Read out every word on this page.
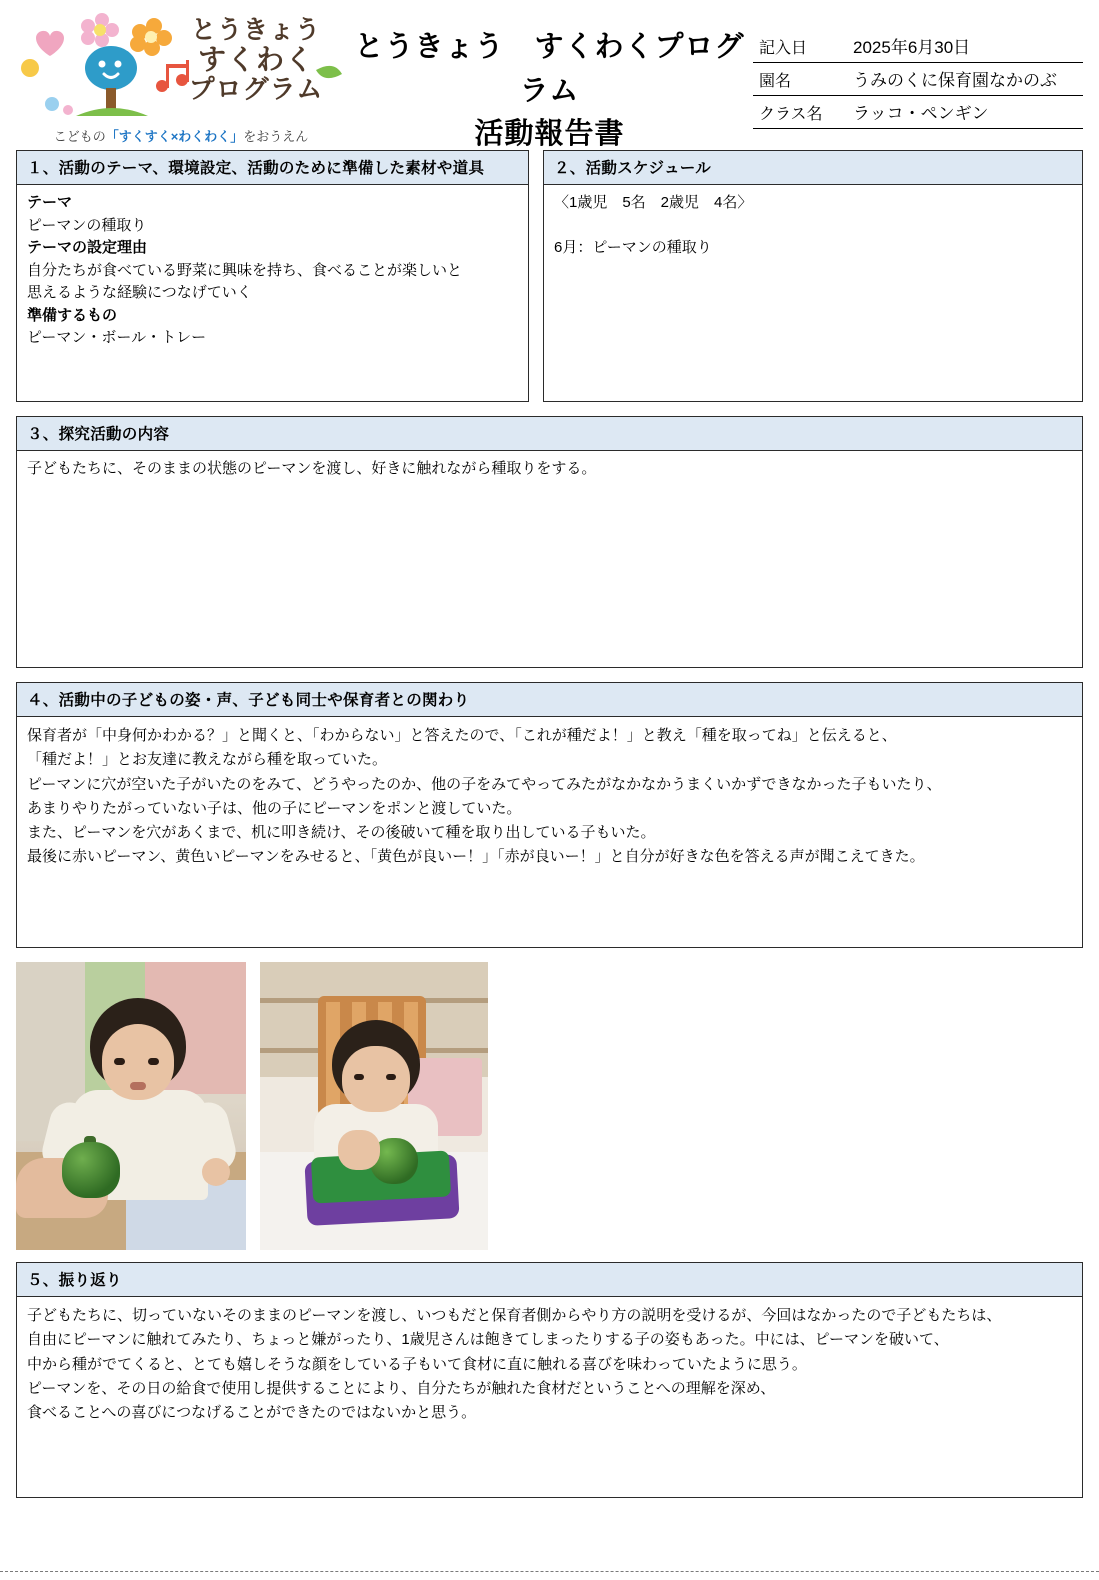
とうきょう
すくわく
プログラム
こどもの「すくすく×わくわく」をおうえん
とうきょう　すくわくプログラム
活動報告書
記入日	2025年6月30日
園名	うみのくに保育園なかのぶ
クラス名	ラッコ・ペンギン
１、活動のテーマ、環境設定、活動のために準備した素材や道具
テーマ
ピーマンの種取り
テーマの設定理由
自分たちが食べている野菜に興味を持ち、食べることが楽しいと
思えるような経験につなげていく
準備するもの
ピーマン・ボール・トレー
２、活動スケジュール
〈1歳児　5名　2歳児　4名〉

6月：ピーマンの種取り
３、探究活動の内容
子どもたちに、そのままの状態のピーマンを渡し、好きに触れながら種取りをする。
４、活動中の子どもの姿・声、子ども同士や保育者との関わり

保育者が「中身何かわかる？」と聞くと、「わからない」と答えたので、「これが種だよ！」と教え「種を取ってね」と伝えると、

「種だよ！」とお友達に教えながら種を取っていた。

ピーマンに穴が空いた子がいたのをみて、どうやったのか、他の子をみてやってみたがなかなかうまくいかずできなかった子もいたり、

あまりやりたがっていない子は、他の子にピーマンをポンと渡していた。

また、ピーマンを穴があくまで、机に叩き続け、その後破いて種を取り出している子もいた。

最後に赤いピーマン、黄色いピーマンをみせると、「黄色が良いー！」「赤が良いー！」と自分が好きな色を答える声が聞こえてきた。

５、振り返り

子どもたちに、切っていないそのままのピーマンを渡し、いつもだと保育者側からやり方の説明を受けるが、今回はなかったので子どもたちは、

自由にピーマンに触れてみたり、ちょっと嫌がったり、1歳児さんは飽きてしまったりする子の姿もあった。中には、ピーマンを破いて、

中から種がでてくると、とても嬉しそうな顔をしている子もいて食材に直に触れる喜びを味わっていたように思う。

ピーマンを、その日の給食で使用し提供することにより、自分たちが触れた食材だということへの理解を深め、

食べることへの喜びにつなげることができたのではないかと思う。
